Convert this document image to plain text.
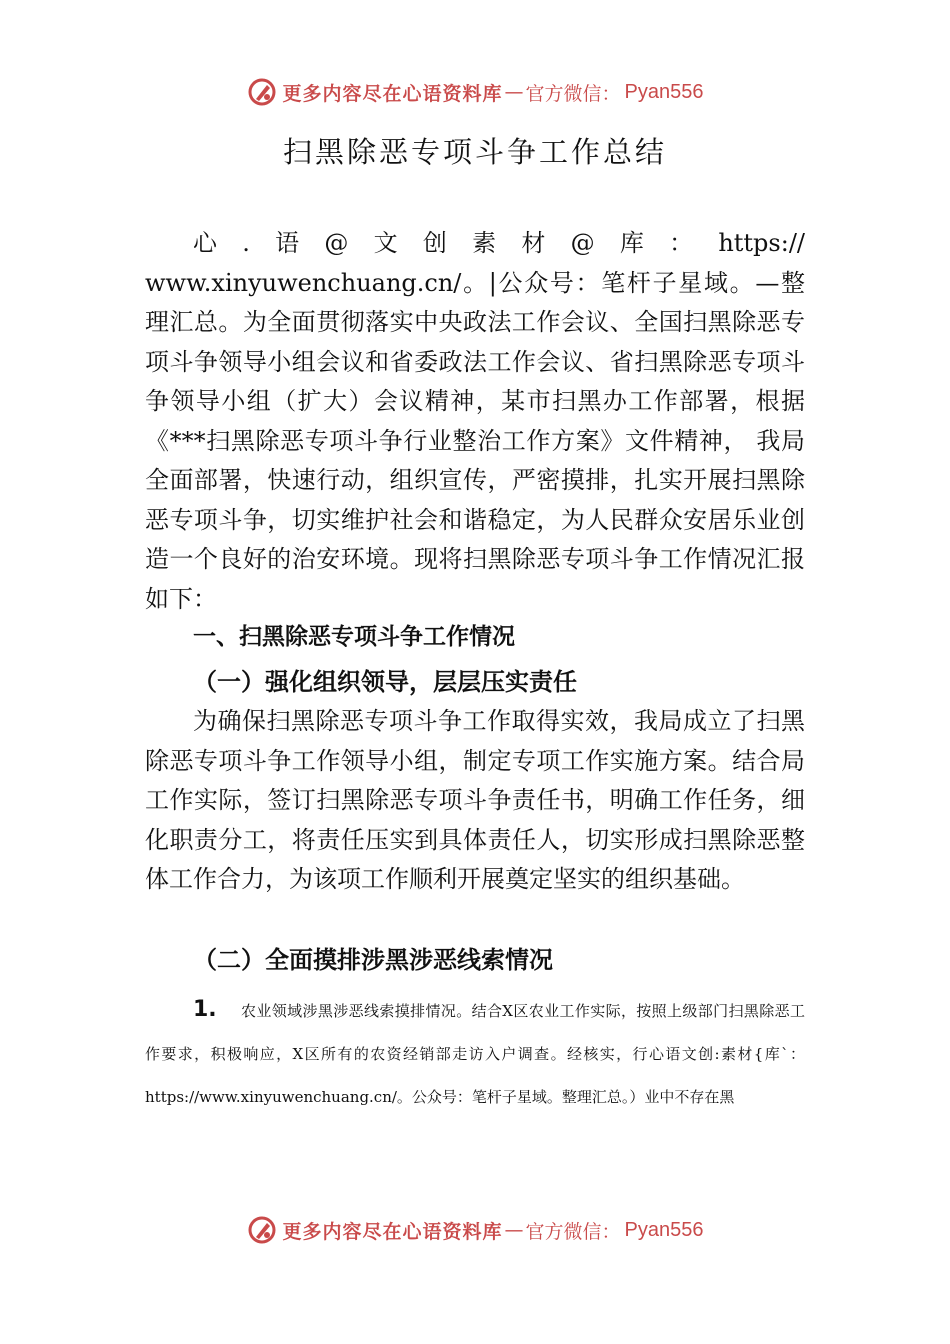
更多内容尽在心语资料库 — 官方微信： Pyan556
扫黑除恶专项斗争工作总结

心.语@文创素材@库：https://
www.xinyuwenchuang.cn/。|公众号：笔杆子星域。—整理汇总。为全面贯彻落实中央政法工作会议、全国扫黑除恶专项斗争领导小组会议和省委政法工作会议、省扫黑除恶专项斗争领导小组（扩大）会议精神，某市扫黑办工作部署，根据《***扫黑除恶专项斗争行业整治工作方案》文件精神， 我局全面部署，快速行动，组织宣传，严密摸排，扎实开展扫黑除恶专项斗争，切实维护社会和谐稳定，为人民群众安居乐业创造一个良好的治安环境。现将扫黑除恶专项斗争工作情况汇报如下：

一、扫黑除恶专项斗争工作情况
（一）强化组织领导，层层压实责任

为确保扫黑除恶专项斗争工作取得实效，我局成立了扫黑除恶专项斗争工作领导小组，制定专项工作实施方案。结合局工作实际，签订扫黑除恶专项斗争责任书，明确工作任务，细化职责分工，将责任压实到具体责任人，切实形成扫黑除恶整体工作合力，为该项工作顺利开展奠定坚实的组织基础。

（二）全面摸排涉黑涉恶线索情况

1. 农业领域涉黑涉恶线索摸排情况。结合X区农业工作实际，按照上级部门扫黑除恶工作要求，积极响应，X区所有的农资经销部走访入户调查。经核实，行心语文创:素材{库`：https://www.xinyuwenchuang.cn/。公众号：笔杆子星域。整理汇总。）业中不存在黑

更多内容尽在心语资料库 — 官方微信： Pyan556
